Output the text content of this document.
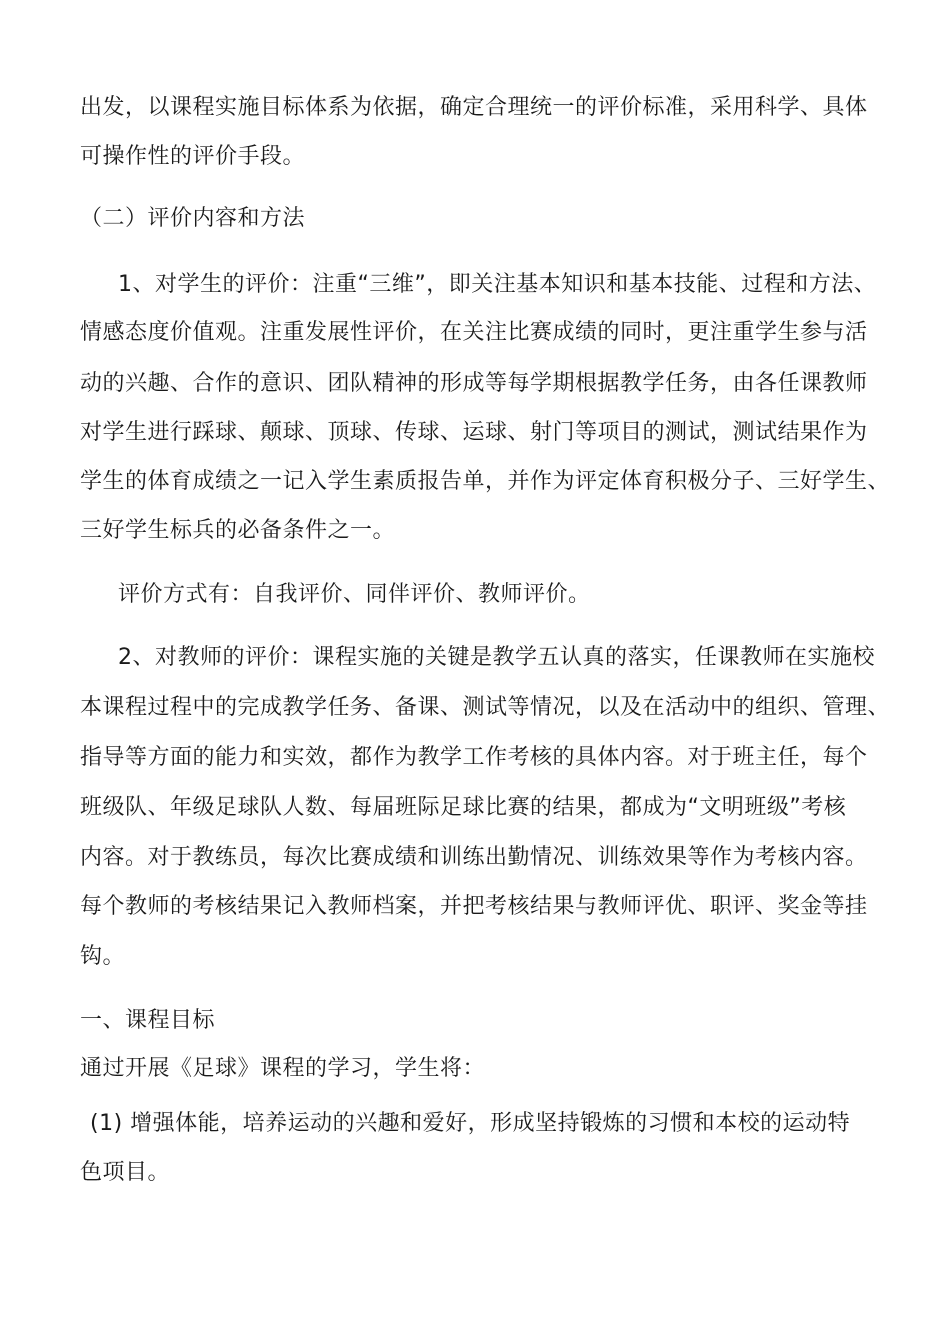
出发，以课程实施目标体系为依据，确定合理统一的评价标准，采用科学、具体
可操作性的评价手段。
（二）评价内容和方法
1、对学生的评价：注重“三维”，即关注基本知识和基本技能、过程和方法、
情感态度价值观。注重发展性评价，在关注比赛成绩的同时，更注重学生参与活
动的兴趣、合作的意识、团队精神的形成等每学期根据教学任务，由各任课教师
对学生进行踩球、颠球、顶球、传球、运球、射门等项目的测试，测试结果作为
学生的体育成绩之一记入学生素质报告单，并作为评定体育积极分子、三好学生、
三好学生标兵的必备条件之一。
评价方式有：自我评价、同伴评价、教师评价。
2、对教师的评价：课程实施的关键是教学五认真的落实，任课教师在实施校
本课程过程中的完成教学任务、备课、测试等情况，以及在活动中的组织、管理、
指导等方面的能力和实效，都作为教学工作考核的具体内容。对于班主任，每个
班级队、年级足球队人数、每届班际足球比赛的结果，都成为“文明班级”考核
内容。对于教练员，每次比赛成绩和训练出勤情况、训练效果等作为考核内容。
每个教师的考核结果记入教师档案，并把考核结果与教师评优、职评、奖金等挂
钩。
一、课程目标
通过开展《足球》课程的学习，学生将：
(1) 增强体能，培养运动的兴趣和爱好，形成坚持锻炼的习惯和本校的运动特
色项目。
